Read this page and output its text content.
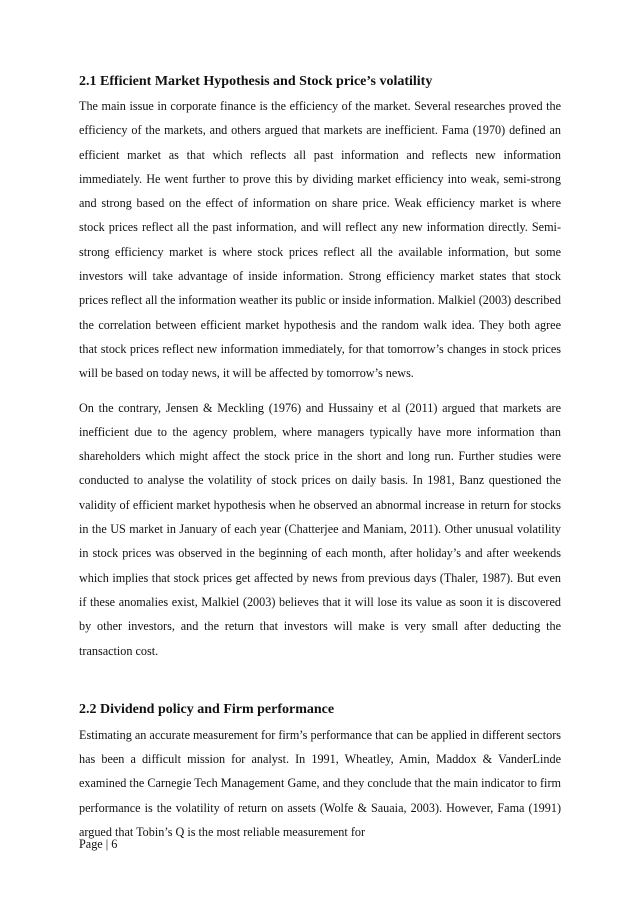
2.1 Efficient Market Hypothesis and Stock price’s volatility

The main issue in corporate finance is the efficiency of the market. Several researches proved the efficiency of the markets, and others argued that markets are inefficient. Fama (1970) defined an efficient market as that which reflects all past information and reflects new information immediately. He went further to prove this by dividing market efficiency into weak, semi-strong and strong based on the effect of information on share price. Weak efficiency market is where stock prices reflect all the past information, and will reflect any new information directly. Semi-strong efficiency market is where stock prices reflect all the available information, but some investors will take advantage of inside information. Strong efficiency market states that stock prices reflect all the information weather its public or inside information. Malkiel (2003) described the correlation between efficient market hypothesis and the random walk idea. They both agree that stock prices reflect new information immediately, for that tomorrow’s changes in stock prices will be based on today news, it will be affected by tomorrow’s news.

On the contrary, Jensen & Meckling (1976) and Hussainy et al (2011) argued that markets are inefficient due to the agency problem, where managers typically have more information than shareholders which might affect the stock price in the short and long run. Further studies were conducted to analyse the volatility of stock prices on daily basis. In 1981, Banz questioned the validity of efficient market hypothesis when he observed an abnormal increase in return for stocks in the US market in January of each year (Chatterjee and Maniam, 2011). Other unusual volatility in stock prices was observed in the beginning of each month, after holiday’s and after weekends which implies that stock prices get affected by news from previous days (Thaler, 1987). But even if these anomalies exist, Malkiel (2003) believes that it will lose its value as soon it is discovered by other investors, and the return that investors will make is very small after deducting the transaction cost.

2.2 Dividend policy and Firm performance

Estimating an accurate measurement for firm’s performance that can be applied in different sectors has been a difficult mission for analyst. In 1991, Wheatley, Amin, Maddox & VanderLinde examined the Carnegie Tech Management Game, and they conclude that the main indicator to firm performance is the volatility of return on assets (Wolfe & Sauaia, 2003). However, Fama (1991) argued that Tobin’s Q is the most reliable measurement for

Page | 6
